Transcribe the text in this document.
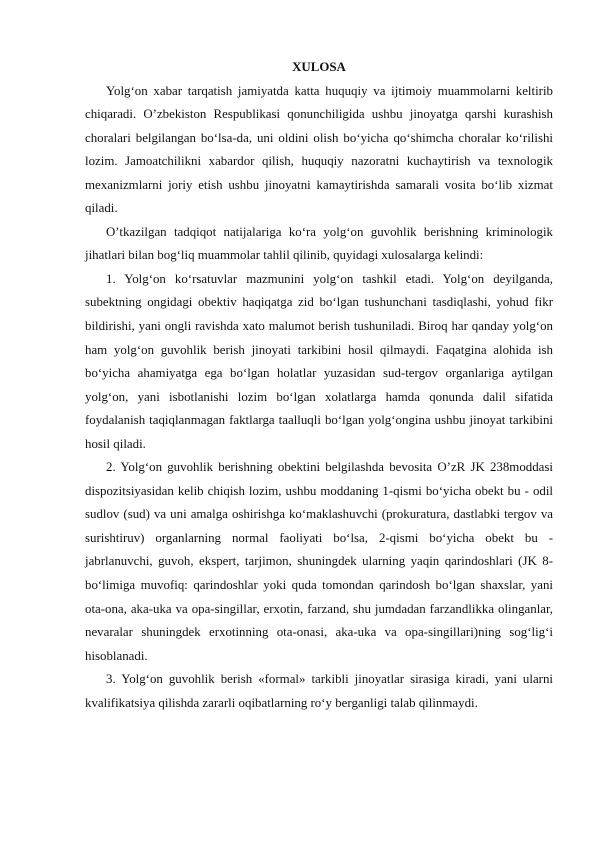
XULOSA

Yolg‘on xabar tarqatish jamiyatda katta huquqiy va ijtimoiy muammolarni keltirib chiqaradi. O’zbekiston Respublikasi qonunchiligida ushbu jinoyatga qarshi kurashish choralari belgilangan bo‘lsa-da, uni oldini olish bo‘yicha qo‘shimcha choralar ko‘rilishi lozim. Jamoatchilikni xabardor qilish, huquqiy nazoratni kuchaytirish va texnologik mexanizmlarni joriy etish ushbu jinoyatni kamaytirishda samarali vosita bo‘lib xizmat qiladi.

O’tkazilgan tadqiqot natijalariga ko‘ra yolg‘on guvohlik berishning kriminologik jihatlari bilan bog‘liq muammolar tahlil qilinib, quyidagi xulosalarga kelindi:

1. Yolg‘on ko‘rsatuvlar mazmunini yolg‘on tashkil etadi. Yolg‘on deyilganda, subektning ongidagi obektiv haqiqatga zid bo‘lgan tushunchani tasdiqlashi, yohud fikr bildirishi, yani ongli ravishda xato malumot berish tushuniladi. Biroq har qanday yolg‘on ham yolg‘on guvohlik berish jinoyati tarkibini hosil qilmaydi. Faqatgina alohida ish bo‘yicha ahamiyatga ega bo‘lgan holatlar yuzasidan sud-tergov organlariga aytilgan yolg‘on, yani isbotlanishi lozim bo‘lgan xolatlarga hamda qonunda dalil sifatida foydalanish taqiqlanmagan faktlarga taalluqli bo‘lgan yolg‘ongina ushbu jinoyat tarkibini hosil qiladi.

2. Yolg‘on guvohlik berishning obektini belgilashda bevosita O’zR JK 238moddasi dispozitsiyasidan kelib chiqish lozim, ushbu moddaning 1-qismi bo‘yicha obekt bu - odil sudlov (sud) va uni amalga oshirishga ko‘maklashuvchi (prokuratura, dastlabki tergov va surishtiruv) organlarning normal faoliyati bo‘lsa, 2-qismi bo‘yicha obekt bu - jabrlanuvchi, guvoh, ekspert, tarjimon, shuningdek ularning yaqin qarindoshlari (JK 8-bo‘limiga muvofiq: qarindoshlar yoki quda tomondan qarindosh bo‘lgan shaxslar, yani ota-ona, aka-uka va opa-singillar, erxotin, farzand, shu jumdadan farzandlikka olinganlar, nevaralar shuningdek erxotinning ota-onasi, aka-uka va opa-singillari)ning sog‘lig‘i hisoblanadi.

3. Yolg‘on guvohlik berish «formal» tarkibli jinoyatlar sirasiga kiradi, yani ularni kvalifikatsiya qilishda zararli oqibatlarning ro‘y berganligi talab qilinmaydi.
